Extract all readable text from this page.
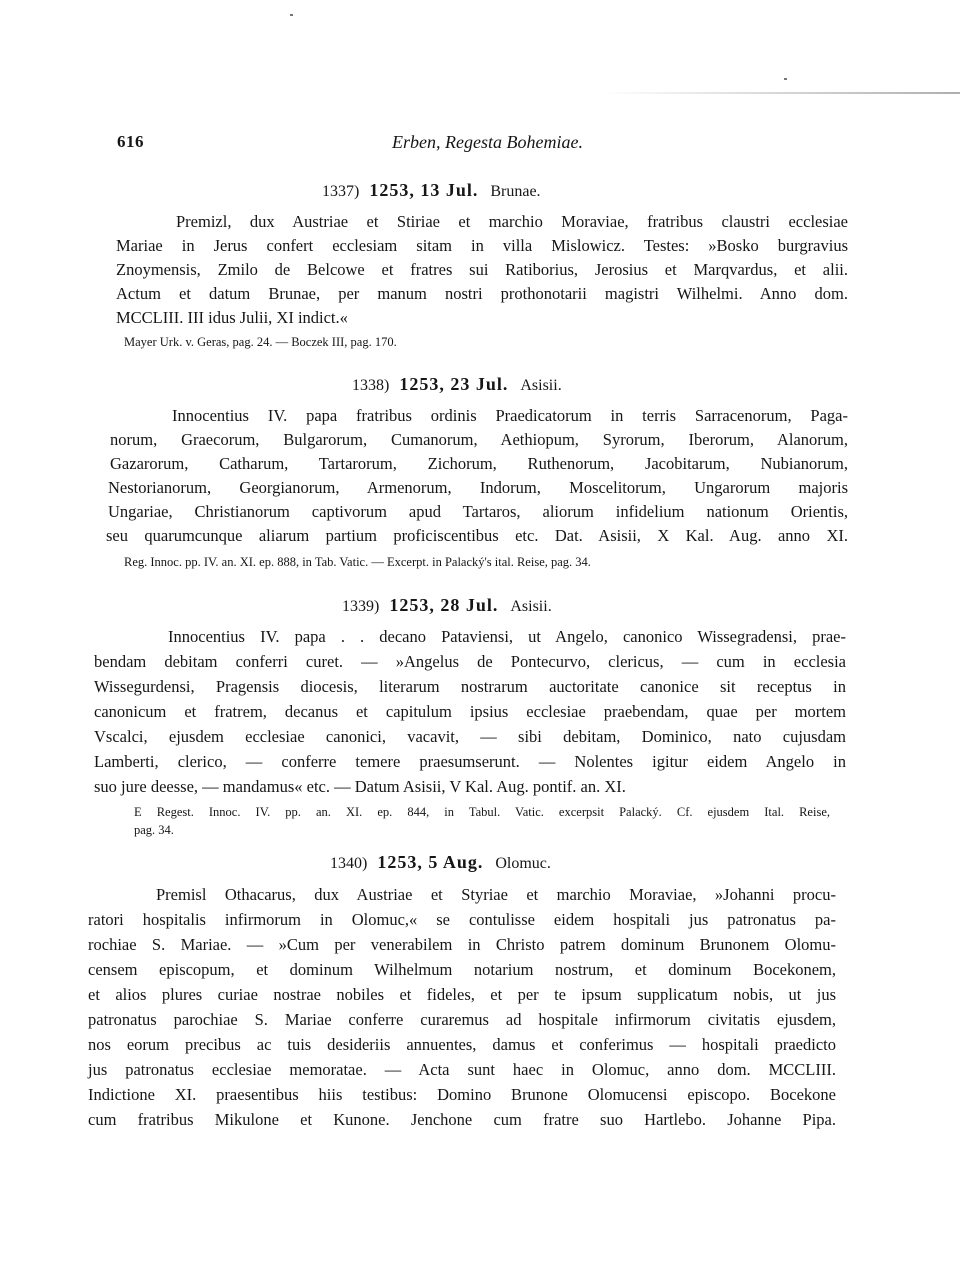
616	Erben, Regesta Bohemiae.
1337) 1253, 13 Jul. Brunae.
Premizl, dux Austriae et Stiriae et marchio Moraviae, fratribus claustri ecclesiae
Mariae in Jerus confert ecclesiam sitam in villa Mislowicz. Testes: »Bosko burgravius
Znoymensis, Zmilo de Belcowe et fratres sui Ratiborius, Jerosius et Marqvardus, et alii.
Actum et datum Brunae, per manum nostri prothonotarii magistri Wilhelmi. Anno dom.
MCCLIII. III idus Julii, XI indict.«
Mayer Urk. v. Geras, pag. 24. — Boczek III, pag. 170.
1338) 1253, 23 Jul. Asisii.
Innocentius IV. papa fratribus ordinis Praedicatorum in terris Sarracenorum, Paga-
norum, Graecorum, Bulgarorum, Cumanorum, Aethiopum, Syrorum, Iberorum, Alanorum,
Gazarorum, Catharum, Tartarorum, Zichorum, Ruthenorum, Jacobitarum, Nubianorum,
Nestorianorum, Georgianorum, Armenorum, Indorum, Moscelitorum, Ungarorum majoris
Ungariae, Christianorum captivorum apud Tartaros, aliorum infidelium nationum Orientis,
seu quarumcunque aliarum partium proficiscentibus etc. Dat. Asisii, X Kal. Aug. anno XI.
Reg. Innoc. pp. IV. an. XI. ep. 888, in Tab. Vatic. — Excerpt. in Palacký's ital. Reise, pag. 34.
1339) 1253, 28 Jul. Asisii.
Innocentius IV. papa . . decano Pataviensi, ut Angelo, canonico Wissegradensi, prae-
bendam debitam conferri curet. — »Angelus de Pontecurvo, clericus, — cum in ecclesia
Wissegurdensi, Pragensis diocesis, literarum nostrarum auctoritate canonice sit receptus in
canonicum et fratrem, decanus et capitulum ipsius ecclesiae praebendam, quae per mortem
Vscalci, ejusdem ecclesiae canonici, vacavit, — sibi debitam, Dominico, nato cujusdam
Lamberti, clerico, — conferre temere praesumserunt. — Nolentes igitur eidem Angelo in
suo jure deesse, — mandamus« etc. — Datum Asisii, V Kal. Aug. pontif. an. XI.
E Regest. Innoc. IV. pp. an. XI. ep. 844, in Tabul. Vatic. excerpsit Palacký. Cf. ejusdem Ital. Reise,
pag. 34.
1340) 1253, 5 Aug. Olomuc.
Premisl Othacarus, dux Austriae et Styriae et marchio Moraviae, »Johanni procu-
ratori hospitalis infirmorum in Olomuc,« se contulisse eidem hospitali jus patronatus pa-
rochiae S. Mariae. — »Cum per venerabilem in Christo patrem dominum Brunonem Olomu-
censem episcopum, et dominum Wilhelmum notarium nostrum, et dominum Bocekonem,
et alios plures curiae nostrae nobiles et fideles, et per te ipsum supplicatum nobis, ut jus
patronatus parochiae S. Mariae conferre curaremus ad hospitale infirmorum civitatis ejusdem,
nos eorum precibus ac tuis desideriis annuentes, damus et conferimus — hospitali praedicto
jus patronatus ecclesiae memoratae. — Acta sunt haec in Olomuc, anno dom. MCCLIII.
Indictione XI. praesentibus hiis testibus: Domino Brunone Olomucensi episcopo. Bocekone
cum fratribus Mikulone et Kunone. Jenchone cum fratre suo Hartlebo. Johanne Pipa.
